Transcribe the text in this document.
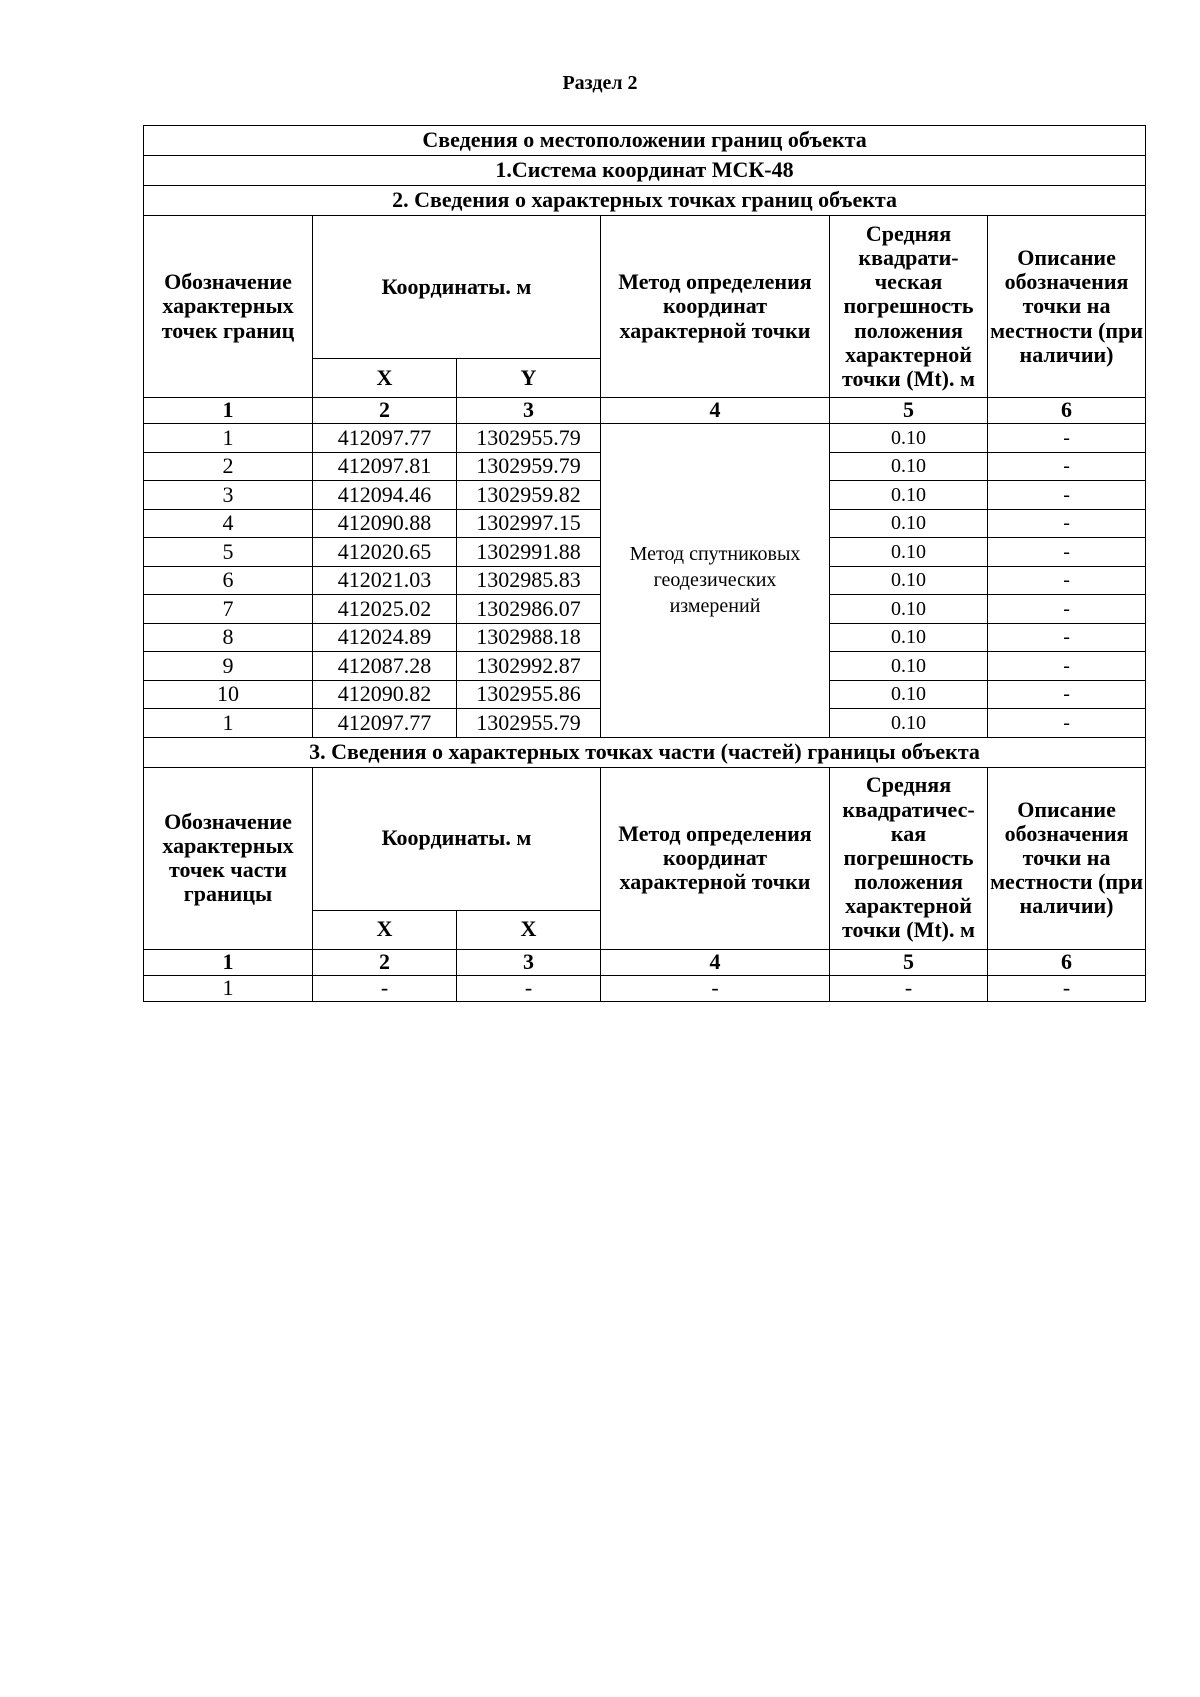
Раздел 2
Сведения о местоположении границ объекта					
1.Система координат МСК-48					
2. Сведения о характерных точках границ объекта					
Обозначение характерных точек границ	Координаты. м		Метод определения координат характерной точки	Средняя квадрати-ческая погрешность положения характерной точки (Mt). м	Описание обозначения точки на местности (при наличии)
	X	Y			
1	2	3	4	5	6
1	412097.77	1302955.79	Метод спутниковых геодезических измерений	0.10	-
2	412097.81	1302959.79		0.10	-
3	412094.46	1302959.82		0.10	-
4	412090.88	1302997.15		0.10	-
5	412020.65	1302991.88		0.10	-
6	412021.03	1302985.83		0.10	-
7	412025.02	1302986.07		0.10	-
8	412024.89	1302988.18		0.10	-
9	412087.28	1302992.87		0.10	-
10	412090.82	1302955.86		0.10	-
1	412097.77	1302955.79		0.10	-
3. Сведения о характерных точках части (частей) границы объекта					
Обозначение характерных точек части границы	Координаты. м		Метод определения координат характерной точки	Средняя квадратичес-кая погрешность положения характерной точки (Mt). м	Описание обозначения точки на местности (при наличии)
	X	X			
1	2	3	4	5	6
1	-	-	-	-	-
